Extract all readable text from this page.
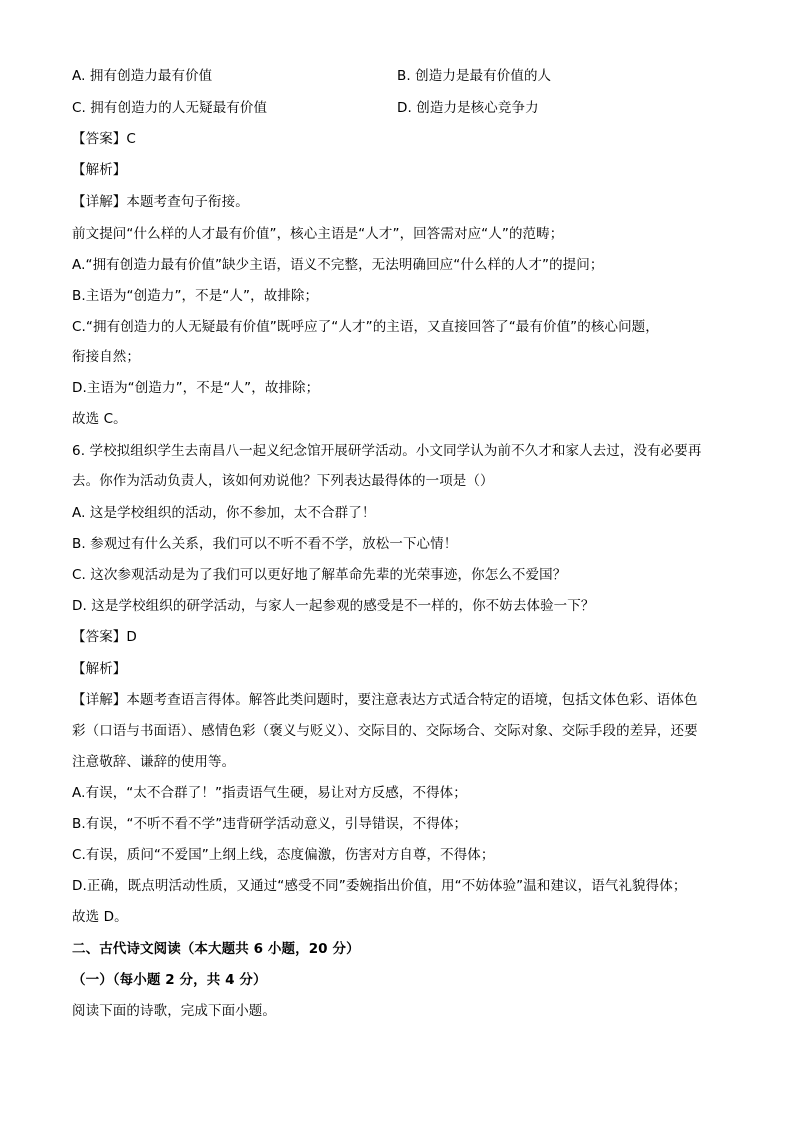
A. 拥有创造力最有价值	B. 创造力是最有价值的人
C. 拥有创造力的人无疑最有价值	D. 创造力是核心竞争力
【答案】C
【解析】
【详解】本题考查句子衔接。
前文提问“什么样的人才最有价值”，核心主语是“人才”，回答需对应“人”的范畴；
A.“拥有创造力最有价值”缺少主语，语义不完整，无法明确回应“什么样的人才”的提问；
B.主语为“创造力”，不是“人”，故排除；
C.“拥有创造力的人无疑最有价值”既呼应了“人才”的主语，又直接回答了“最有价值”的核心问题，
衔接自然；
D.主语为“创造力”，不是“人”，故排除；
故选 C。
6. 学校拟组织学生去南昌八一起义纪念馆开展研学活动。小文同学认为前不久才和家人去过，没有必要再
去。你作为活动负责人，该如何劝说他？下列表达最得体的一项是（）
A. 这是学校组织的活动，你不参加，太不合群了！
B. 参观过有什么关系，我们可以不听不看不学，放松一下心情！
C. 这次参观活动是为了我们可以更好地了解革命先辈的光荣事迹，你怎么不爱国？
D. 这是学校组织的研学活动，与家人一起参观的感受是不一样的，你不妨去体验一下？
【答案】D
【解析】
【详解】本题考查语言得体。解答此类问题时，要注意表达方式适合特定的语境，包括文体色彩、语体色
彩（口语与书面语）、感情色彩（褒义与贬义）、交际目的、交际场合、交际对象、交际手段的差异，还要
注意敬辞、谦辞的使用等。
A.有误，“太不合群了！”指责语气生硬，易让对方反感，不得体；
B.有误，“不听不看不学”违背研学活动意义，引导错误，不得体；
C.有误，质问“不爱国”上纲上线，态度偏激，伤害对方自尊，不得体；
D.正确，既点明活动性质，又通过“感受不同”委婉指出价值，用“不妨体验”温和建议，语气礼貌得体；
故选 D。
二、古代诗文阅读（本大题共 6 小题，20 分）
（一）（每小题 2 分，共 4 分）
阅读下面的诗歌，完成下面小题。
